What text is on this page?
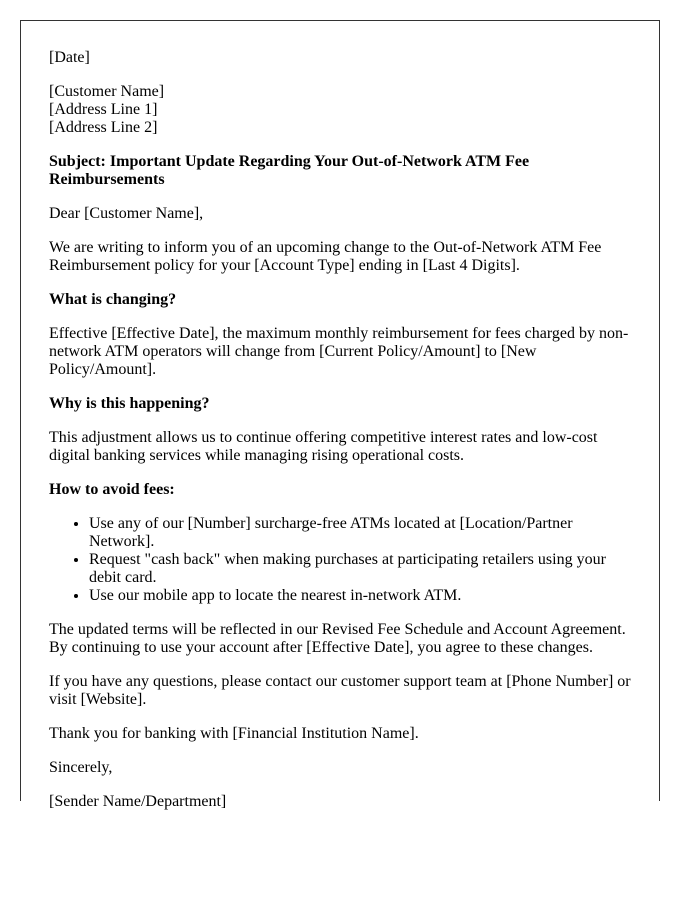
[Date]

[Customer Name]
[Address Line 1]
[Address Line 2]

Subject: Important Update Regarding Your Out-of-Network ATM Fee Reimbursements

Dear [Customer Name],

We are writing to inform you of an upcoming change to the Out-of-Network ATM Fee Reimbursement policy for your [Account Type] ending in [Last 4 Digits].

What is changing?

Effective [Effective Date], the maximum monthly reimbursement for fees charged by non-network ATM operators will change from [Current Policy/Amount] to [New Policy/Amount].

Why is this happening?

This adjustment allows us to continue offering competitive interest rates and low-cost digital banking services while managing rising operational costs.

How to avoid fees:

• Use any of our [Number] surcharge-free ATMs located at [Location/Partner Network].
• Request "cash back" when making purchases at participating retailers using your debit card.
• Use our mobile app to locate the nearest in-network ATM.

The updated terms will be reflected in our Revised Fee Schedule and Account Agreement. By continuing to use your account after [Effective Date], you agree to these changes.

If you have any questions, please contact our customer support team at [Phone Number] or visit [Website].

Thank you for banking with [Financial Institution Name].

Sincerely,

[Sender Name/Department]
